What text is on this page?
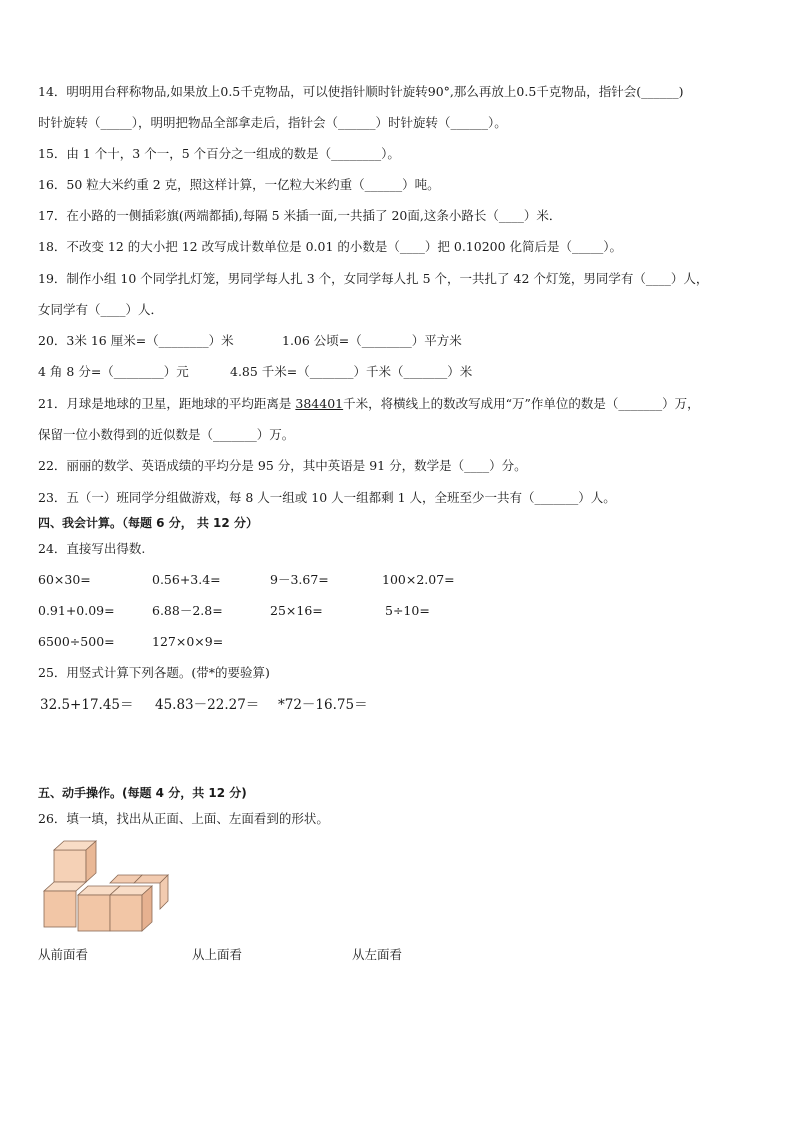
14．明明用台秤称物品,如果放上0.5千克物品，可以使指针顺时针旋转90°,那么再放上0.5千克物品，指针会(______)
时针旋转（_____），明明把物品全部拿走后，指针会（______）时针旋转（______）。
15．由 1 个十，3 个一，5 个百分之一组成的数是（________）。
16．50 粒大米约重 2 克，照这样计算，一亿粒大米约重（______）吨。
17．在小路的一侧插彩旗(两端都插),每隔 5 米插一面,一共插了 20面,这条小路长（____）米．
18．不改变 12 的大小把 12 改写成计数单位是 0.01 的小数是（____）把 0.10200 化简后是（_____）。
19．制作小组 10 个同学扎灯笼，男同学每人扎 3 个，女同学每人扎 5 个，一共扎了 42 个灯笼，男同学有（____）人，
女同学有（____）人．
20．3米 16 厘米=（________）米	1.06 公顷=（________）平方米
4 角 8 分=（________）元	4.85 千米=（_______）千米（_______）米
21．月球是地球的卫星，距地球的平均距离是 384401千米，将横线上的数改写成用“万”作单位的数是（_______）万，
保留一位小数得到的近似数是（_______）万。
22．丽丽的数学、英语成绩的平均分是 95 分，其中英语是 91 分，数学是（____）分。
23．五（一）班同学分组做游戏，每 8 人一组或 10 人一组都剩 1 人，全班至少一共有（_______）人。
四、我会计算。（每题 6 分， 共 12 分）
24．直接写出得数.
60×30=	0.56+3.4=	9－3.67=	100×2.07=
0.91+0.09=	6.88－2.8=	25×16=	5÷10=
6500÷500=	127×0×9=
25．用竖式计算下列各题。(带*的要验算)
32.5+17.45＝ 45.83－22.27＝ *72－16.75＝
五、动手操作。(每题 4 分，共 12 分)
26．填一填，找出从正面、上面、左面看到的形状。
从前面看	从上面看	从左面看
